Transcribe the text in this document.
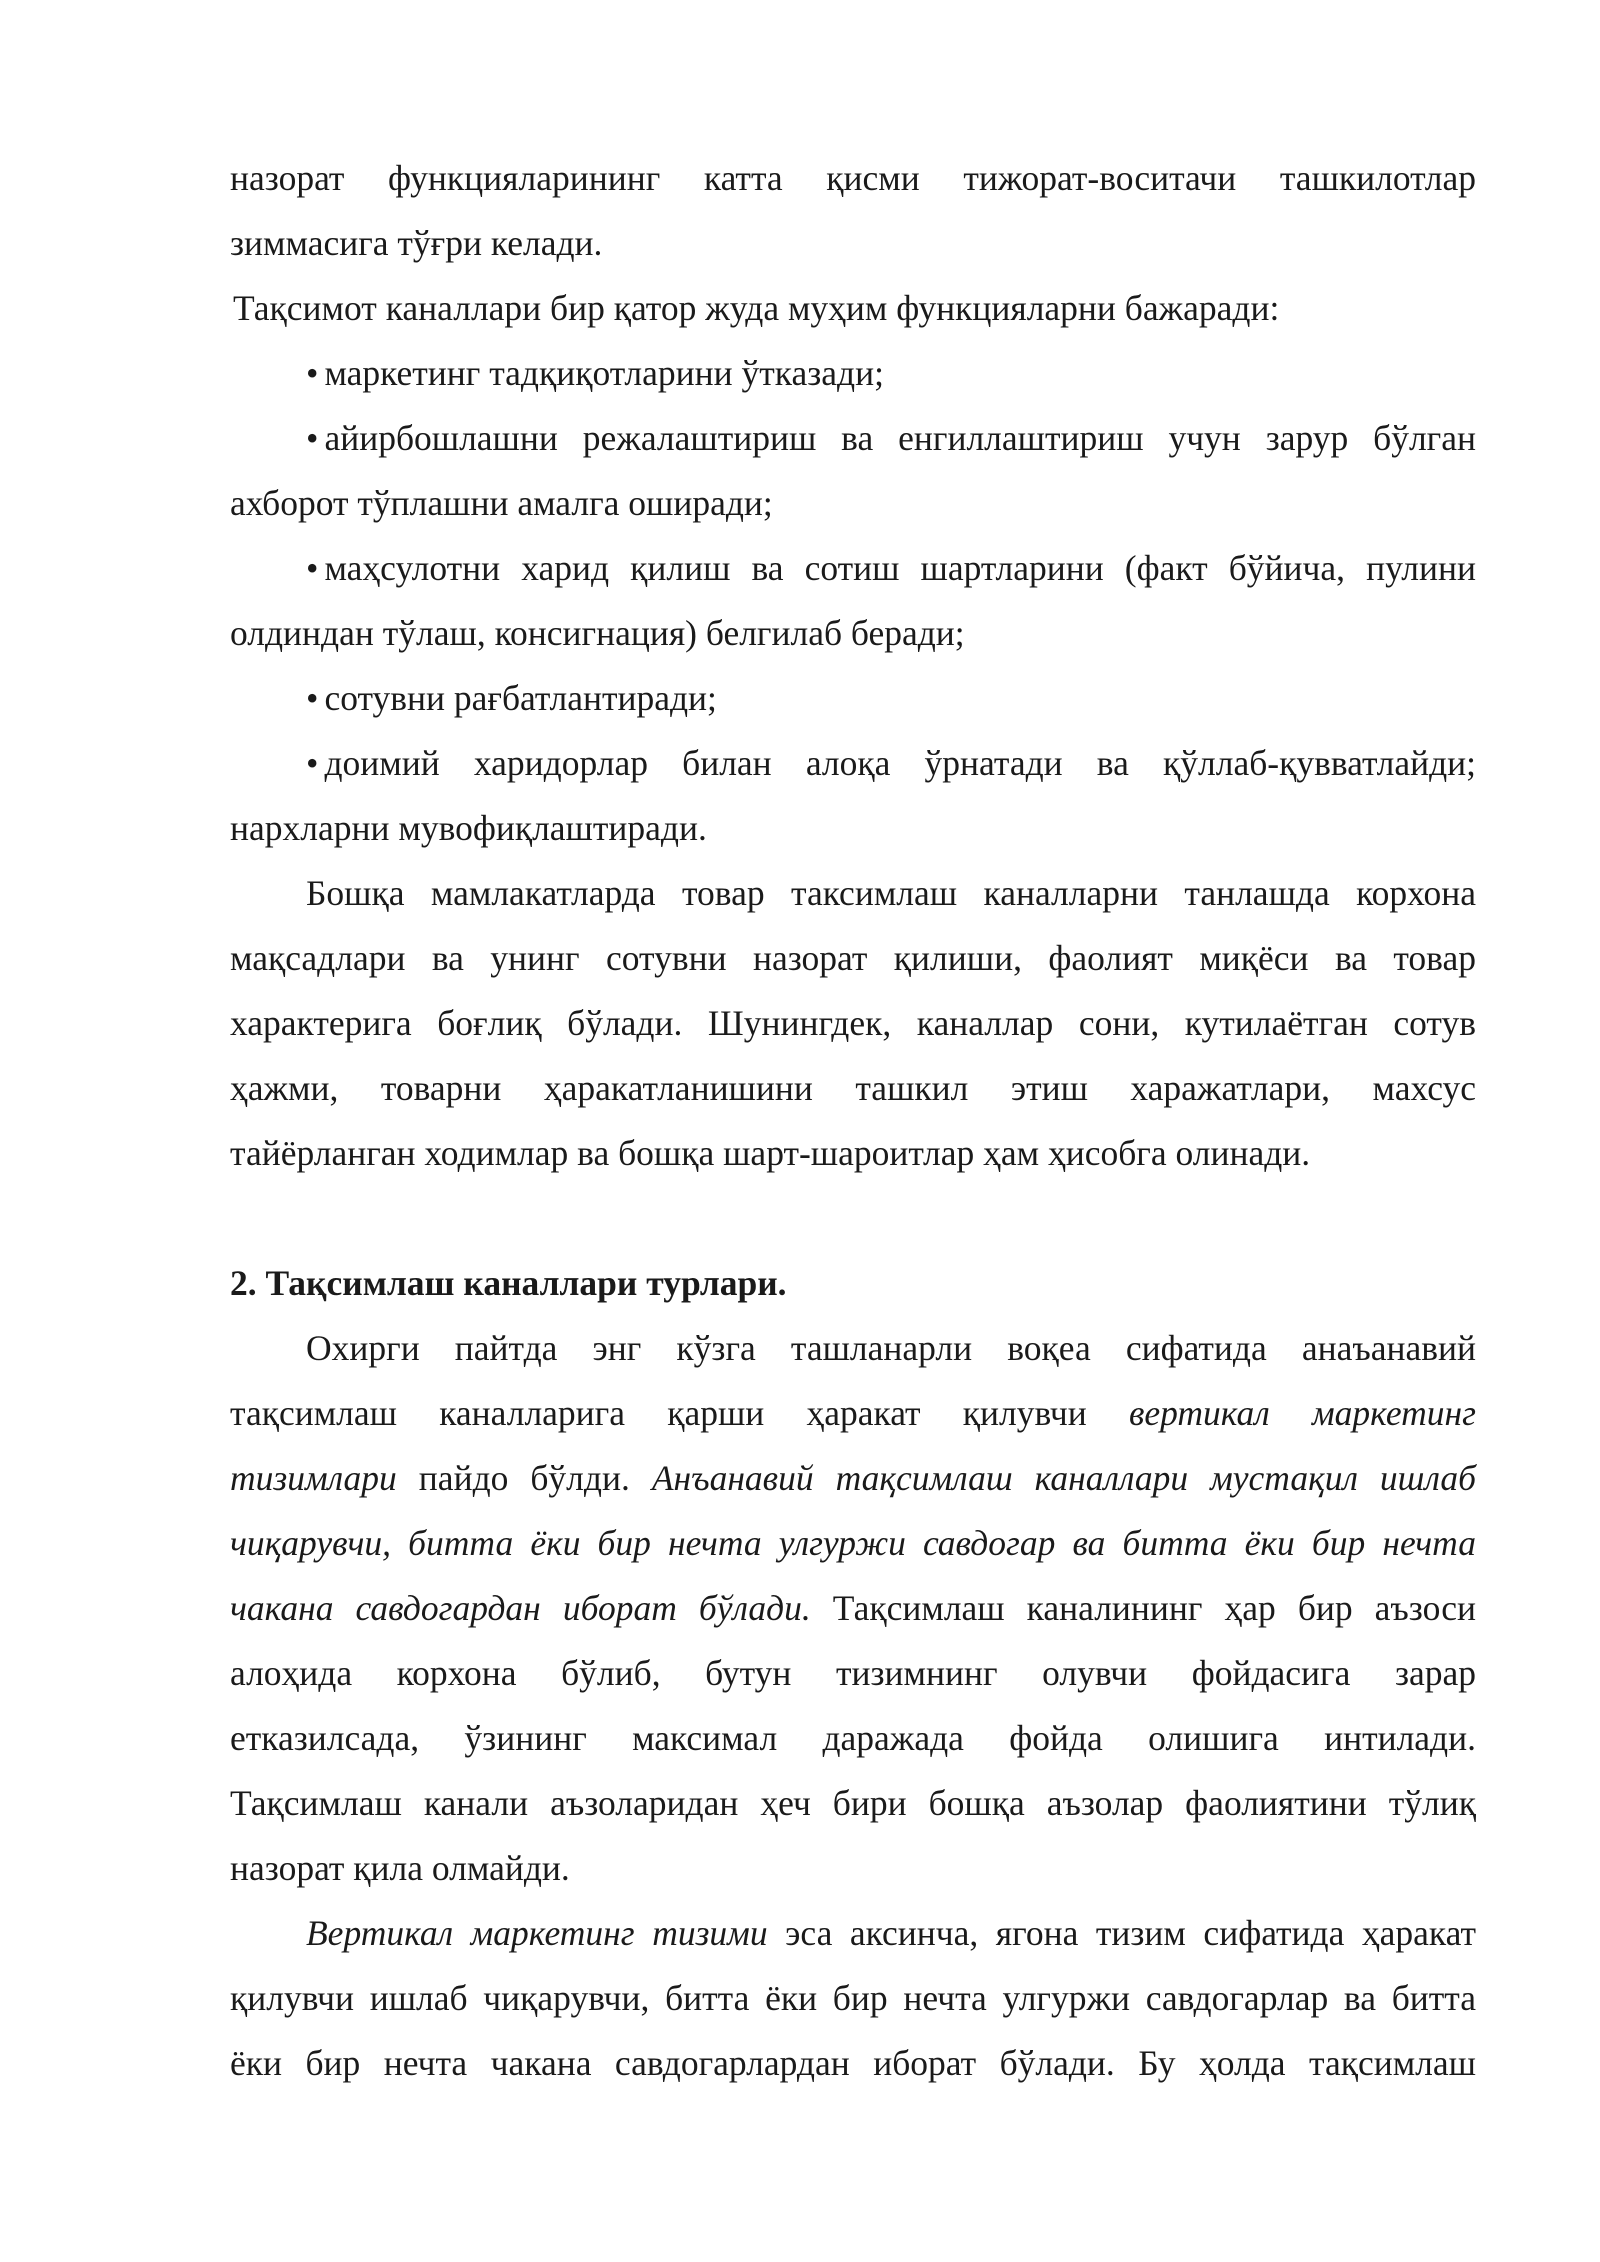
назорат функцияларининг катта қисми тижорат-воситачи ташкилотлар
зиммасига тўғри келади.
Тақсимот каналлари бир қатор жуда муҳим функцияларни бажаради:
• маркетинг тадқиқотларини ўтказади;
• айирбошлашни режалаштириш ва енгиллаштириш учун зарур бўлган
ахборот тўплашни амалга оширади;
• маҳсулотни харид қилиш ва сотиш шартларини (факт бўйича, пулини
олдиндан тўлаш, консигнация) белгилаб беради;
• сотувни рағбатлантиради;
• доимий харидорлар билан алоқа ўрнатади ва қўллаб-қувватлайди;
нархларни мувофиқлаштиради.
Бошқа мамлакатларда товар таксимлаш каналларни танлашда корхона
мақсадлари ва унинг сотувни назорат қилиши, фаолият миқёси ва товар
характерига боғлиқ бўлади. Шунингдек, каналлар сони, кутилаётган сотув
ҳажми, товарни ҳаракатланишини ташкил этиш харажатлари, махсус
тайёрланган ходимлар ва бошқа шарт-шароитлар ҳам ҳисобга олинади.
2. Тақсимлаш каналлари турлари.
Охирги пайтда энг кўзга ташланарли воқеа сифатида анаъанавий
тақсимлаш каналларига қарши ҳаракат қилувчи вертикал маркетинг
тизимлари пайдо бўлди. Анъанавий тақсимлаш каналлари мустақил ишлаб
чиқарувчи, битта ёки бир нечта улгуржи савдогар ва битта ёки бир нечта
чакана савдогардан иборат бўлади. Тақсимлаш каналининг ҳар бир аъзоси
алоҳида корхона бўлиб, бутун тизимнинг олувчи фойдасига зарар
етказилсада, ўзининг максимал даражада фойда олишига интилади.
Тақсимлаш канали аъзоларидан ҳеч бири бошқа аъзолар фаолиятини тўлиқ
назорат қила олмайди.
Вертикал маркетинг тизими эса аксинча, ягона тизим сифатида ҳаракат
қилувчи ишлаб чиқарувчи, битта ёки бир нечта улгуржи савдогарлар ва битта
ёки бир нечта чакана савдогарлардан иборат бўлади. Бу ҳолда тақсимлаш
